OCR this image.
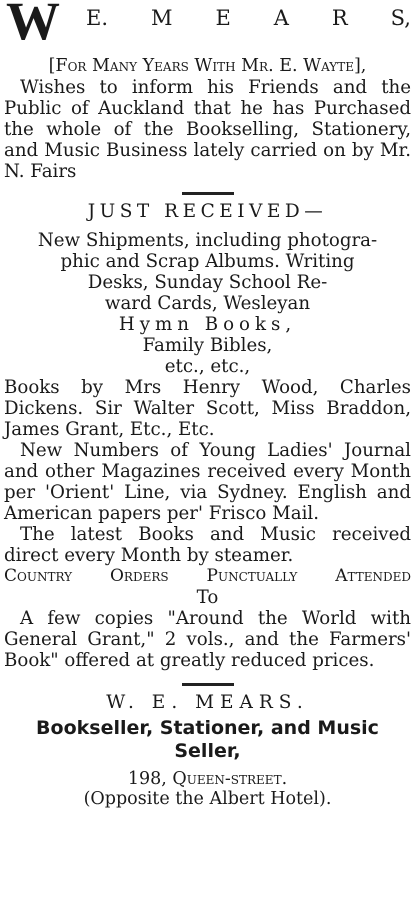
W E. M E A R S,

[For Many Years With Mr. E. Wayte],

Wishes to inform his Friends and the Public of Auckland that he has Purchased the whole of the Bookselling, Stationery, and Music Business lately carried on by Mr. N. Fairs

JUST RECEIVED—

New Shipments, including photogra-
phic and Scrap Albums. Writing
Desks, Sunday School Re-
ward Cards, Wesleyan
Hymn Books,
Family Bibles,
etc., etc.,

Books by Mrs Henry Wood, Charles Dickens. Sir Walter Scott, Miss Braddon, James Grant, Etc., Etc.

New Numbers of Young Ladies' Journal and other Magazines received every Month per 'Orient' Line, via Sydney. English and American papers per' Frisco Mail.

The latest Books and Music received direct every Month by steamer.

Country Orders Punctually Attended

To

A few copies "Around the World with General Grant," 2 vols., and the Farmers' Book" offered at greatly reduced prices.

W. E. MEARS.

Bookseller, Stationer, and Music

Seller,

198, Queen-street.

(Opposite the Albert Hotel).
